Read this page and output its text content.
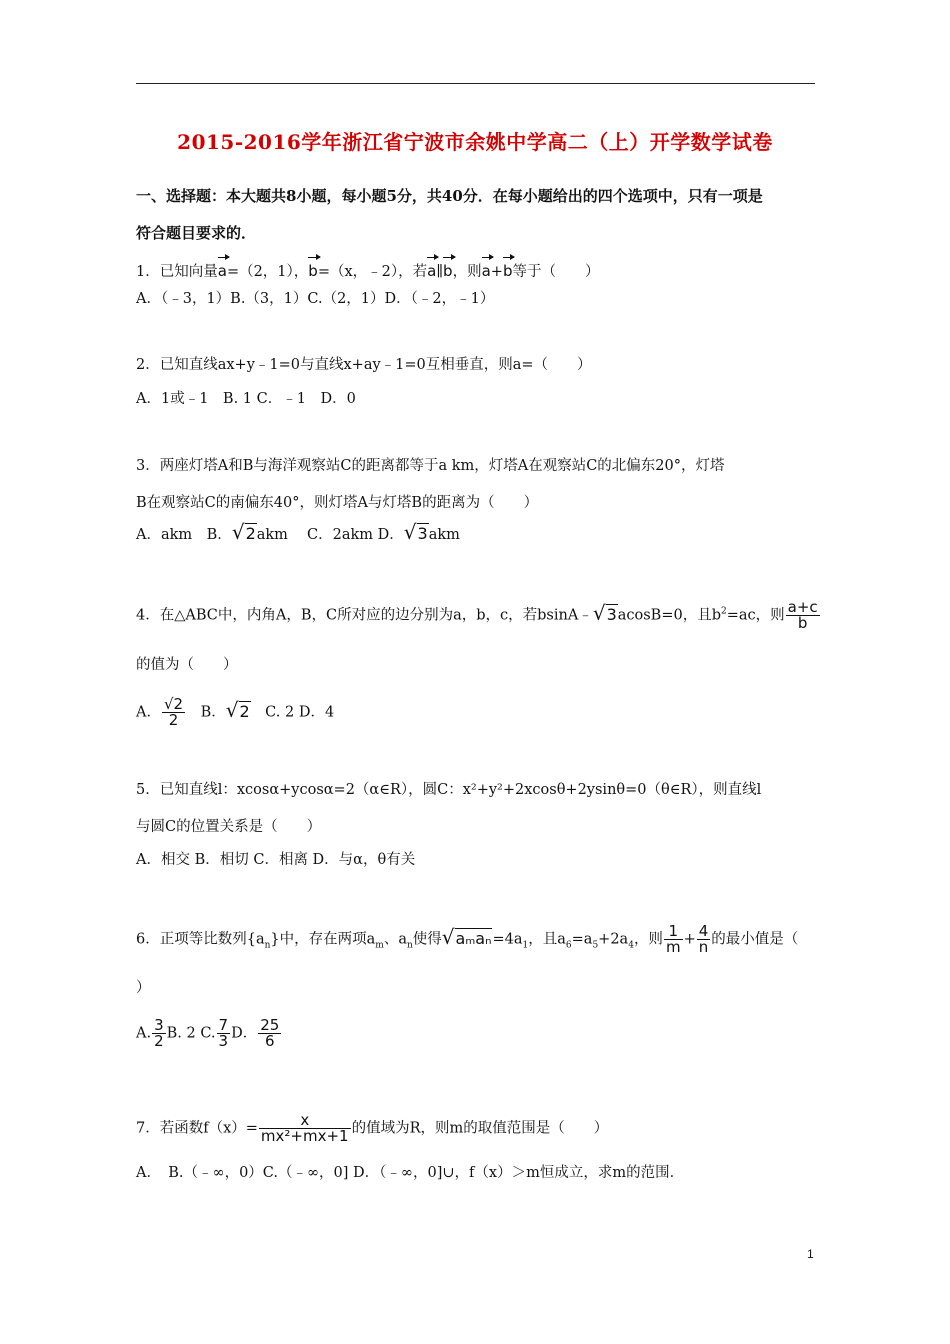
2015-2016学年浙江省宁波市余姚中学高二（上）开学数学试卷
一、选择题：本大题共8小题，每小题5分，共40分．在每小题给出的四个选项中，只有一项是
符合题目要求的．
1．已知向量a=（2，1），b=（x，﹣2），若a∥b，则a+b等于（　　）
A．（﹣3，1）B.（3，1）C.（2，1）D．（﹣2，﹣1）
2．已知直线ax+y﹣1=0与直线x+ay﹣1=0互相垂直，则a=（　　）
A．1或﹣1　B. 1 C．﹣1　D．0
3．两座灯塔A和B与海洋观察站C的距离都等于a km，灯塔A在观察站C的北偏东20°，灯塔
B在观察站C的南偏东40°，则灯塔A与灯塔B的距离为（　　）
A．akm　B．√2akm　 C．2akm D．√3akm
4．在△ABC中，内角A，B，C所对应的边分别为a，b，c，若bsinA﹣√3acosB=0，且$b^2=ac$，则 $\frac{a+c}{b}$
的值为（　　）
A． $\frac{√2}{2}$ 　B．√2　C. 2 D．4
5．已知直线l：xcosα+ycosα=2（α∈R），圆C：x²+y²+2xcosθ+2ysinθ=0（θ∈R），则直线l
与圆C的位置关系是（　　）
A．相交 B．相切 C．相离 D．与α，θ有关
6．正项等比数列$\{a_n\}$中，存在两项$a_m$、$a_n$使得$√a_ma_n=4a_1$，且$a_6=a_5+2a_4$，则 $\frac{1}{m} + \frac{4}{n}$ 的最小值是（
）
A. $\frac{3}{2} B$. 2 C. $\frac{7}{3}$ D． $\frac{25}{6}$
7．若函数$f(x)= \frac{x}{\text{mx²+mx+1}}$ 的值域为R，则m的取值范围是（　　）
A．　B.（﹣∞，0）C.（﹣∞，0] D．（﹣∞，0]∪，f（x）＞m恒成立，求m的范围．
1
